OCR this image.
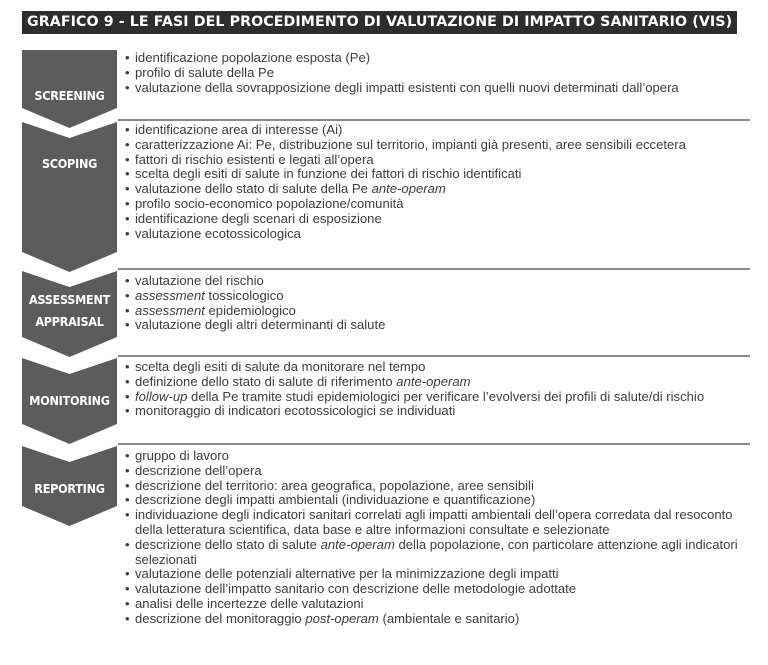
GRAFICO 9 - LE FASI DEL PROCEDIMENTO DI VALUTAZIONE DI IMPATTO SANITARIO (VIS)
SCREENING
• identificazione popolazione esposta (Pe)
• profilo di salute della Pe
• valutazione della sovrapposizione degli impatti esistenti con quelli nuovi determinati dall’opera
SCOPING
• identificazione area di interesse (Ai)
• caratterizzazione Ai: Pe, distribuzione sul territorio, impianti già presenti, aree sensibili eccetera
• fattori di rischio esistenti e legati all’opera
• scelta degli esiti di salute in funzione dei fattori di rischio identificati
• valutazione dello stato di salute della Pe ante-operam
• profilo socio-economico popolazione/comunità
• identificazione degli scenari di esposizione
• valutazione ecotossicologica
ASSESSMENT
APPRAISAL
• valutazione del rischio
• assessment tossicologico
• assessment epidemiologico
• valutazione degli altri determinanti di salute
MONITORING
• scelta degli esiti di salute da monitorare nel tempo
• definizione dello stato di salute di riferimento ante-operam
• follow-up della Pe tramite studi epidemiologici per verificare l’evolversi dei profili di salute/di rischio
• monitoraggio di indicatori ecotossicologici se individuati
REPORTING
• gruppo di lavoro
• descrizione dell’opera
• descrizione del territorio: area geografica, popolazione, aree sensibili
• descrizione degli impatti ambientali (individuazione e quantificazione)
• individuazione degli indicatori sanitari correlati agli impatti ambientali dell’opera corredata dal resoconto della letteratura scientifica, data base e altre informazioni consultate e selezionate
• descrizione dello stato di salute ante-operam della popolazione, con particolare attenzione agli indicatori selezionati
• valutazione delle potenziali alternative per la minimizzazione degli impatti
• valutazione dell’impatto sanitario con descrizione delle metodologie adottate
• analisi delle incertezze delle valutazioni
• descrizione del monitoraggio post-operam (ambientale e sanitario)
